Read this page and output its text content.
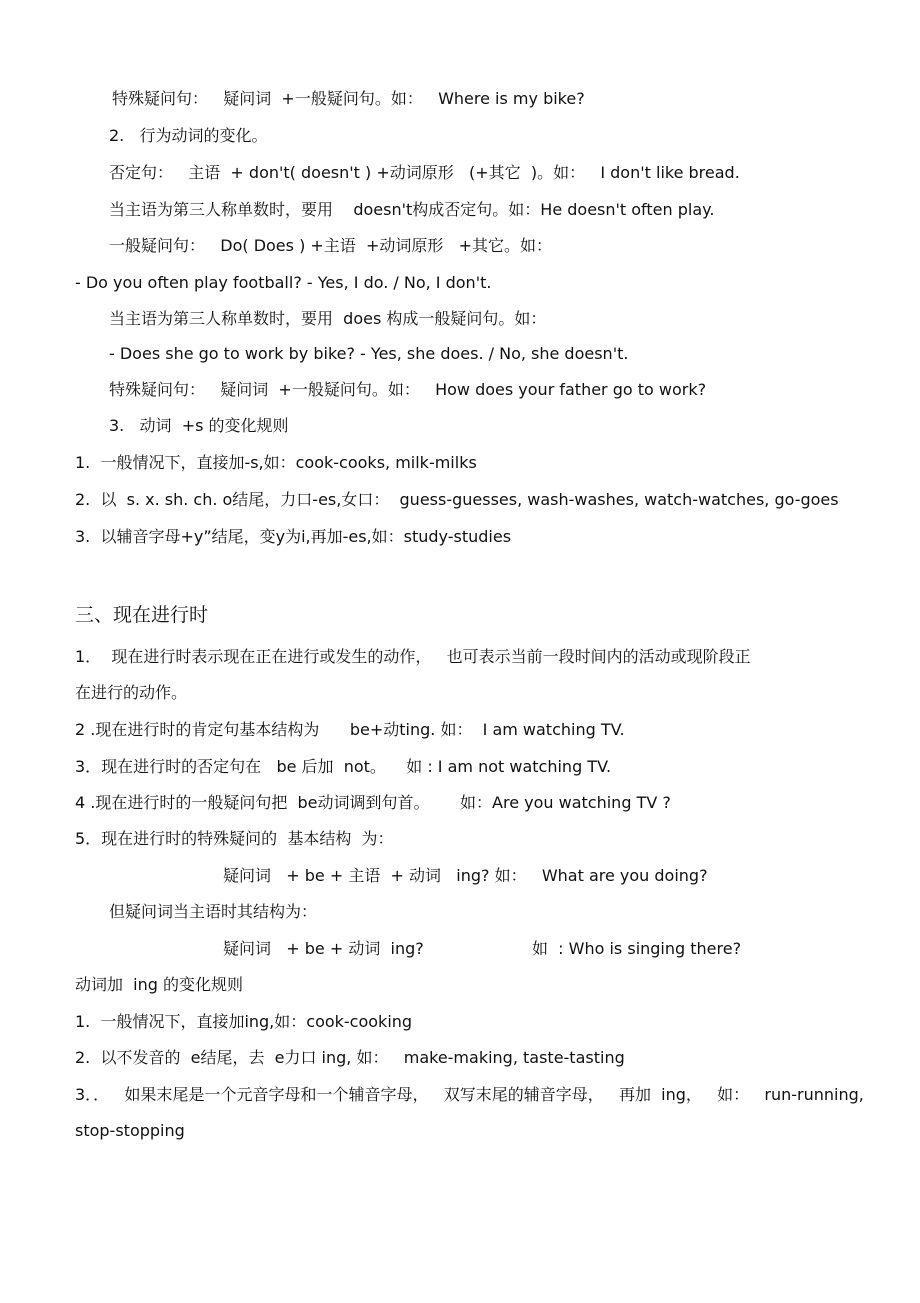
特殊疑问句：   疑问词  +一般疑问句。如：   Where is my bike?
2.   行为动词的变化。
否定句：   主语  + don't( doesn't ) +动词原形   (+其它  )。如：   I don't like bread.
当主语为第三人称单数时，要用    doesn't构成否定句。如：He doesn't often play.
一般疑问句：   Do( Does ) +主语  +动词原形   +其它。如：
- Do you often play football? - Yes, I do. / No, I don't.
当主语为第三人称单数时，要用  does 构成一般疑问句。如：
- Does she go to work by bike? - Yes, she does. / No, she doesn't.
特殊疑问句：   疑问词  +一般疑问句。如：   How does your father go to work?
3.   动词  +s 的变化规则
1.  一般情况下，直接加-s,如：cook-cooks, milk-milks
2.  以  s. x. sh. ch. o结尾，力口-es,女口：  guess-guesses, wash-washes, watch-watches, go-goes
3.  以辅音字母+y”结尾，变y为i,再加-es,如：study-studies
三、现在进行时
1．  现在进行时表示现在正在进行或发生的动作，   也可表示当前一段时间内的活动或现阶段正
在进行的动作。
2 .现在进行时的肯定句基本结构为      be+动ting. 如：  I am watching TV.
3．现在进行时的否定句在   be 后加  not。    如 : I am not watching TV.
4 .现在进行时的一般疑问句把  be动词调到句首。      如：Are you watching TV ?
5．现在进行时的特殊疑问的  基本结构  为：
疑问词   + be + 主语  + 动词   ing? 如：   What are you doing?
但疑问词当主语时其结构为：
疑问词   + be + 动词  ing?	如  : Who is singing there?
动词加  ing 的变化规则
1.  一般情况下，直接加ing,如：cook-cooking
2.  以不发音的  e结尾，去  e力口 ing, 如：   make-making, taste-tasting
3．．   如果末尾是一个元音字母和一个辅音字母，   双写末尾的辅音字母，   再加  ing，   如：   run-running,
stop-stopping
